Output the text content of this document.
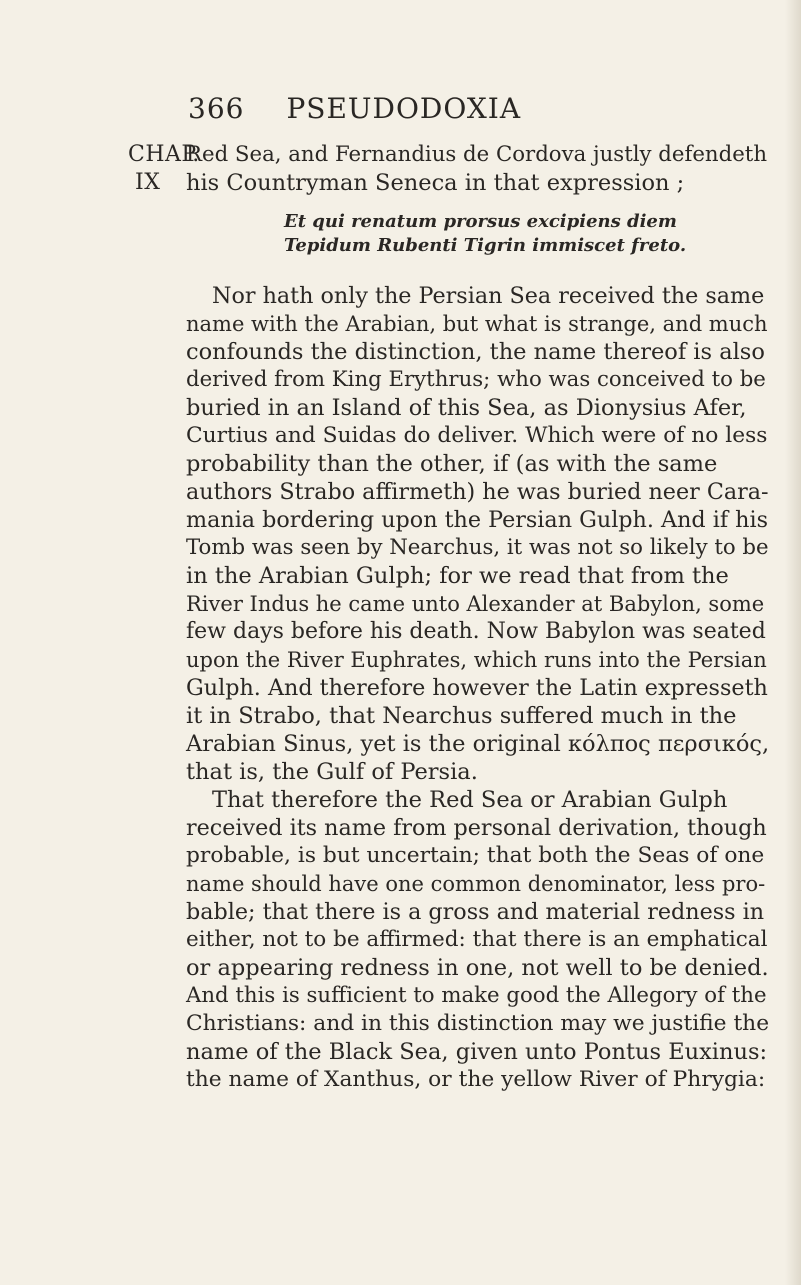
366 PSEUDODOXIA
CHAP.
IX
Red Sea, and Fernandius de Cordova justly defendeth
his Countryman Seneca in that expression ;
Et qui renatum prorsus excipiens diem
Tepidum Rubenti Tigrin immiscet freto.
Nor hath only the Persian Sea received the same
name with the Arabian, but what is strange, and much
confounds the distinction, the name thereof is also
derived from King Erythrus; who was conceived to be
buried in an Island of this Sea, as Dionysius Afer,
Curtius and Suidas do deliver. Which were of no less
probability than the other, if (as with the same
authors Strabo affirmeth) he was buried neer Cara-
mania bordering upon the Persian Gulph. And if his
Tomb was seen by Nearchus, it was not so likely to be
in the Arabian Gulph; for we read that from the
River Indus he came unto Alexander at Babylon, some
few days before his death. Now Babylon was seated
upon the River Euphrates, which runs into the Persian
Gulph. And therefore however the Latin expresseth
it in Strabo, that Nearchus suffered much in the
Arabian Sinus, yet is the original κόλπος περσικός,
that is, the Gulf of Persia.
That therefore the Red Sea or Arabian Gulph
received its name from personal derivation, though
probable, is but uncertain; that both the Seas of one
name should have one common denominator, less pro-
bable; that there is a gross and material redness in
either, not to be affirmed: that there is an emphatical
or appearing redness in one, not well to be denied.
And this is sufficient to make good the Allegory of the
Christians: and in this distinction may we justifie the
name of the Black Sea, given unto Pontus Euxinus:
the name of Xanthus, or the yellow River of Phrygia:
